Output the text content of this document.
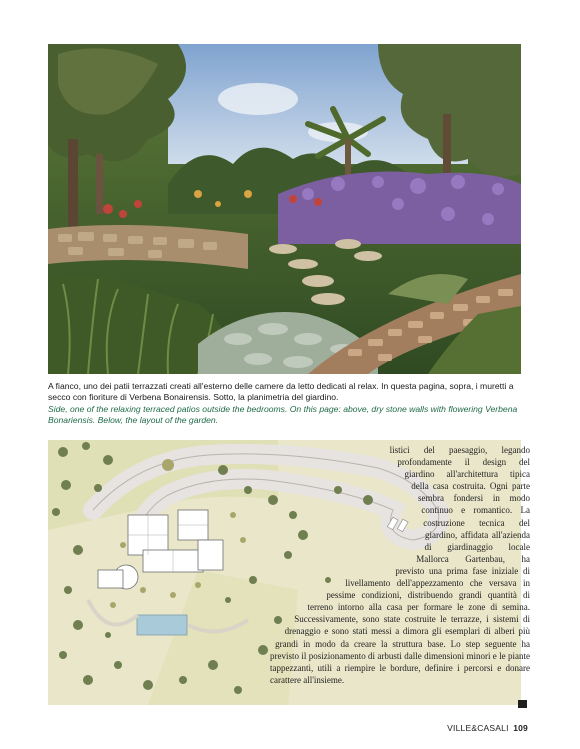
A fianco, uno dei patii terrazzati creati all'esterno delle camere da letto dedicati al relax. In questa pagina, sopra, i muretti a secco con fioriture di Verbena Bonairensis. Sotto, la planimetria del giardino.
Side, one of the relaxing terraced patios outside the bedrooms. On this page: above, dry stone walls with flowering Verbena Bonariensis. Below, the layout of the garden.

listici del paesaggio, legando profondamente il design del giardino all'architettura tipica della casa costruita. Ogni parte sembra fondersi in modo continuo e romantico. La costruzione tecnica del giardino, affidata all'azienda di giardinaggio locale Mallorca Gartenbau, ha previsto una prima fase iniziale di livellamento dell'appezzamento che versava in pessime condizioni, distribuendo grandi quantità di terreno intorno alla casa per formare le zone di semina. Successivamente, sono state costruite le terrazze, i sistemi di drenaggio e sono stati messi a dimora gli esemplari di alberi più grandi in modo da creare la struttura base. Lo step seguente ha previsto il posizionamento di arbusti dalle dimensioni minori e le piante tappezzanti, utili a riempire le bordure, definire i percorsi e donare carattere all'insieme.

VILLE&CASALI 109
